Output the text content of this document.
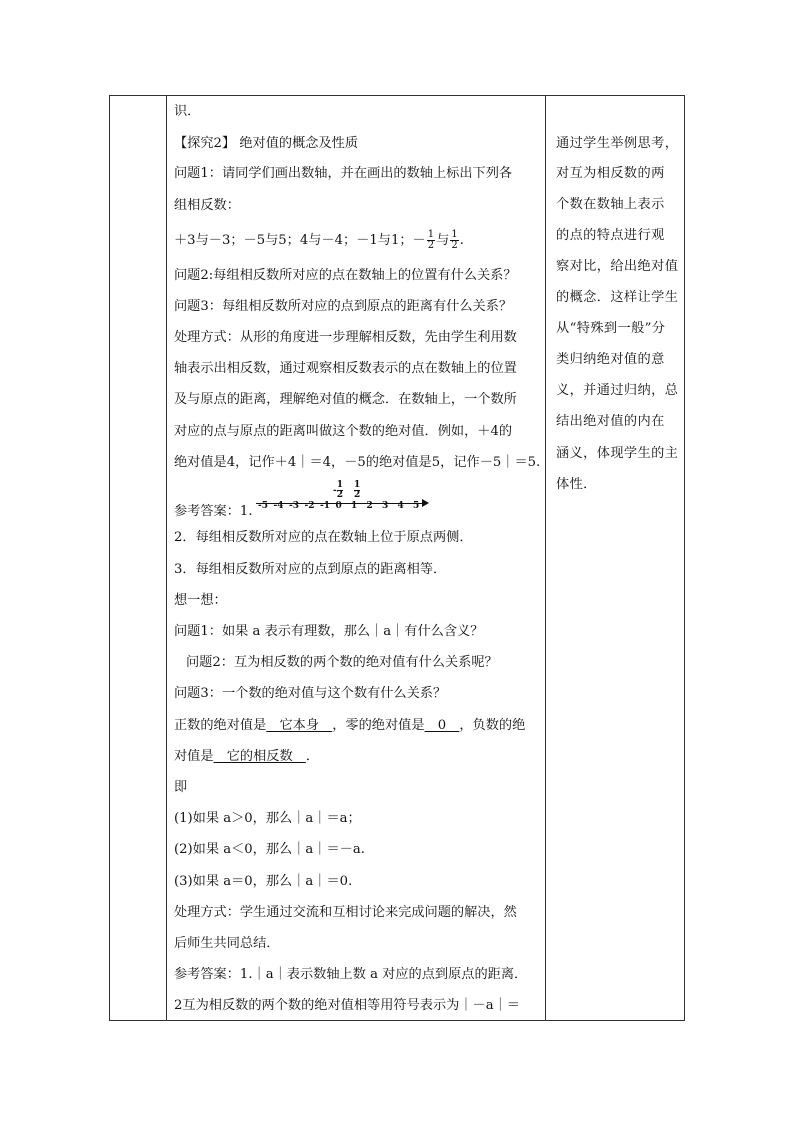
识．
【探究2】 绝对值的概念及性质
问题1：请同学们画出数轴，并在画出的数轴上标出下列各
组相反数：
＋3与－3；－5与5；4与－4；－1与1；－ $\frac{1}{2}$ 与 $\frac{1}{2}$ .
问题2:每组相反数所对应的点在数轴上的位置有什么关系？
问题3：每组相反数所对应的点到原点的距离有什么关系？
处理方式：从形的角度进一步理解相反数，先由学生利用数
轴表示出相反数，通过观察相反数表示的点在数轴上的位置
及与原点的距离，理解绝对值的概念．在数轴上，一个数所
对应的点与原点的距离叫做这个数的绝对值．例如，＋4的
绝对值是4，记作＋4｜＝4，－5的绝对值是5，记作－5｜＝5.
参考答案：1.
- $\frac{1}{2} \frac{1}{2}$
-5 -4 -3 -2 -1 0 1 2 3 4 5
2．每组相反数所对应的点在数轴上位于原点两侧．
3．每组相反数所对应的点到原点的距离相等．
想一想：
问题1：如果 a 表示有理数，那么｜a｜有什么含义？
问题2：互为相反数的两个数的绝对值有什么关系呢？
问题3：一个数的绝对值与这个数有什么关系？
正数的绝对值是　它本身　，零的绝对值是　0　，负数的绝
对值是　它的相反数　．
即
(1)如果 a＞0，那么｜a｜＝a；
(2)如果 a＜0，那么｜a｜＝－a.
(3)如果 a＝0，那么｜a｜＝0.
处理方式：学生通过交流和互相讨论来完成问题的解决，然
后师生共同总结．
参考答案：1.｜a｜表示数轴上数 a 对应的点到原点的距离．
2互为相反数的两个数的绝对值相等用符号表示为｜－a｜＝
通过学生举例思考，
对互为相反数的两
个数在数轴上表示
的点的特点进行观
察对比，给出绝对值
的概念．这样让学生
从“特殊到一般”分
类归纳绝对值的意
义，并通过归纳，总
结出绝对值的内在
涵义，体现学生的主
体性．
